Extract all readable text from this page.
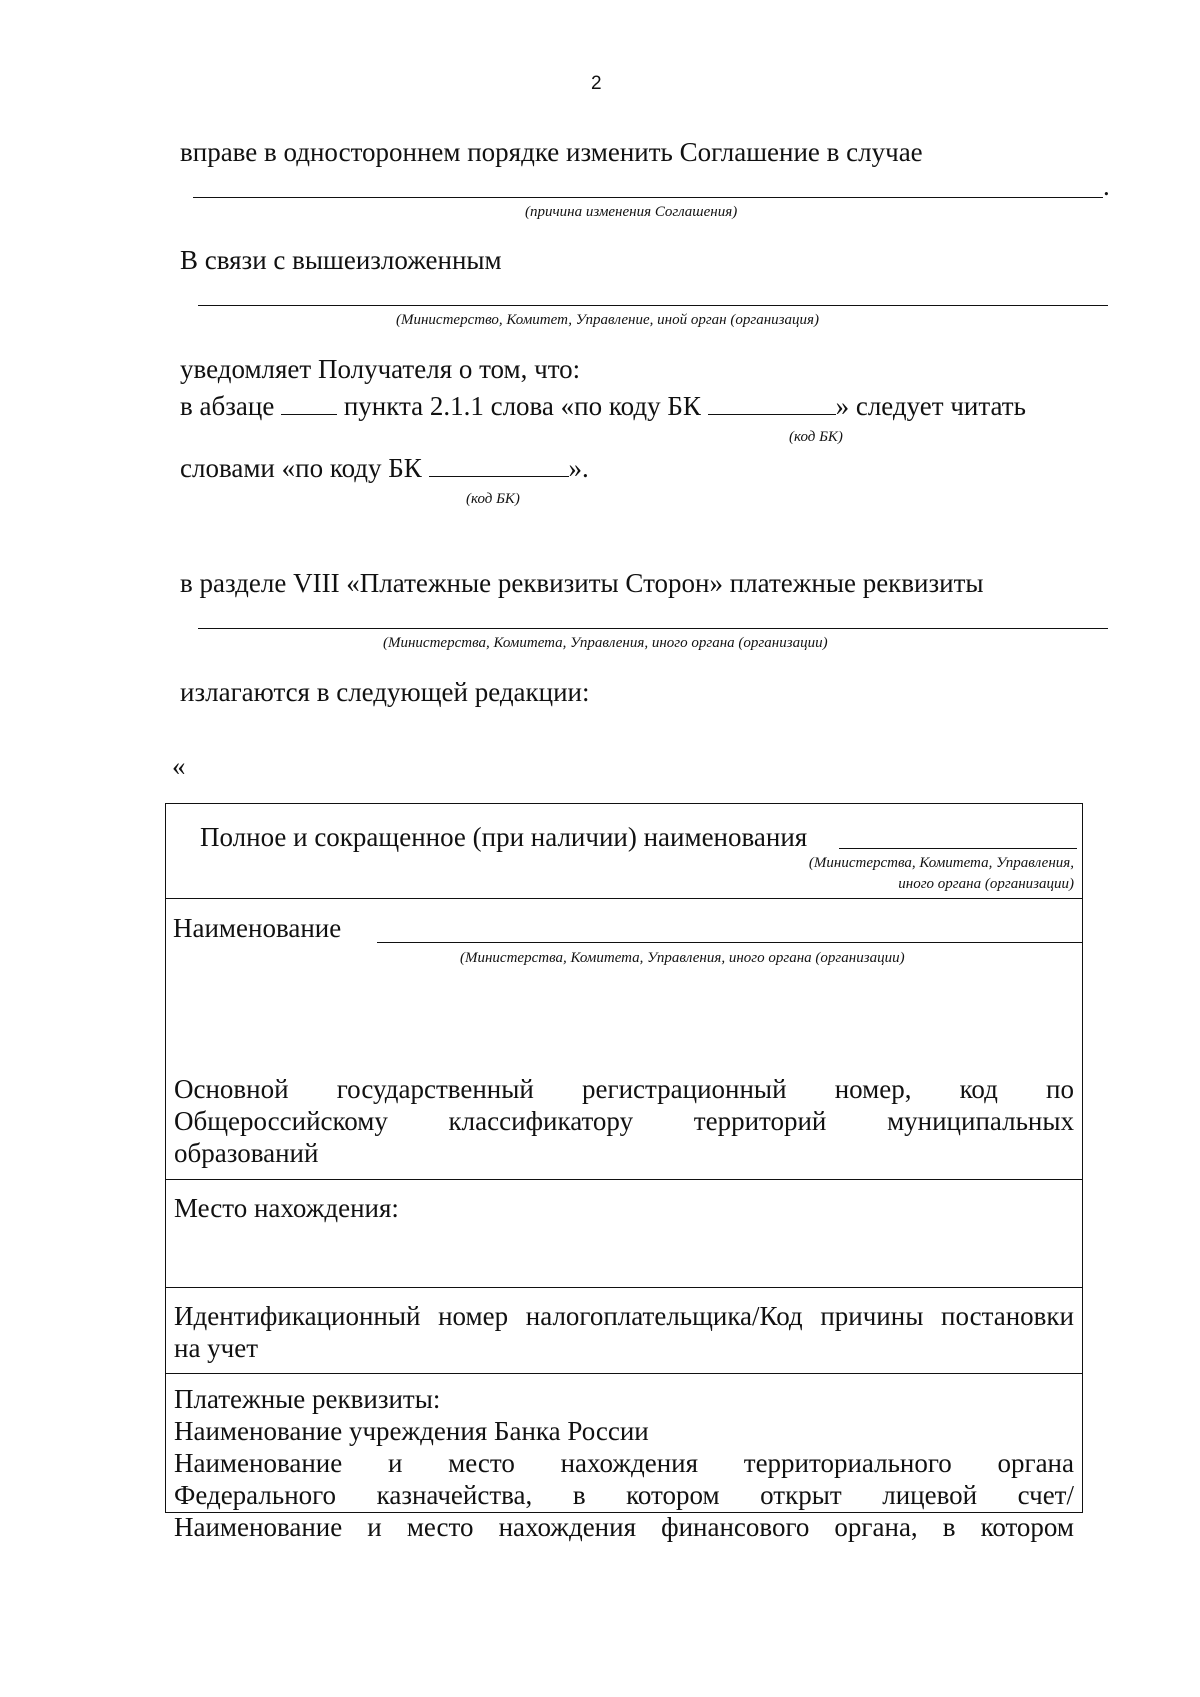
2
вправе в одностороннем порядке изменить Соглашение в случае
.
(причина изменения Соглашения)
В связи с вышеизложенным
(Министерство, Комитет, Управление, иной орган (организация)
уведомляет Получателя о том, что:
в абзаце	пункта 2.1.1 слова «по коду БК	» следует читать
(код БК)
словами «по коду БК	».
(код БК)
в разделе VIII «Платежные реквизиты Сторон» платежные реквизиты
(Министерства, Комитета, Управления, иного органа (организации)
излагаются в следующей редакции:
«
Полное и сокращенное (при наличии) наименования
(Министерства, Комитета, Управления,
иного органа (организации)
Наименование
(Министерства, Комитета, Управления, иного органа (организации)
Основной государственный регистрационный номер, код по
Общероссийскому классификатору территорий муниципальных
образований
Место нахождения:
Идентификационный номер налогоплательщика/Код причины постановки
на учет
Платежные реквизиты:
Наименование учреждения Банка России
Наименование и место нахождения территориального органа
Федерального казначейства, в котором открыт лицевой счет/
Наименование и место нахождения финансового органа, в котором
